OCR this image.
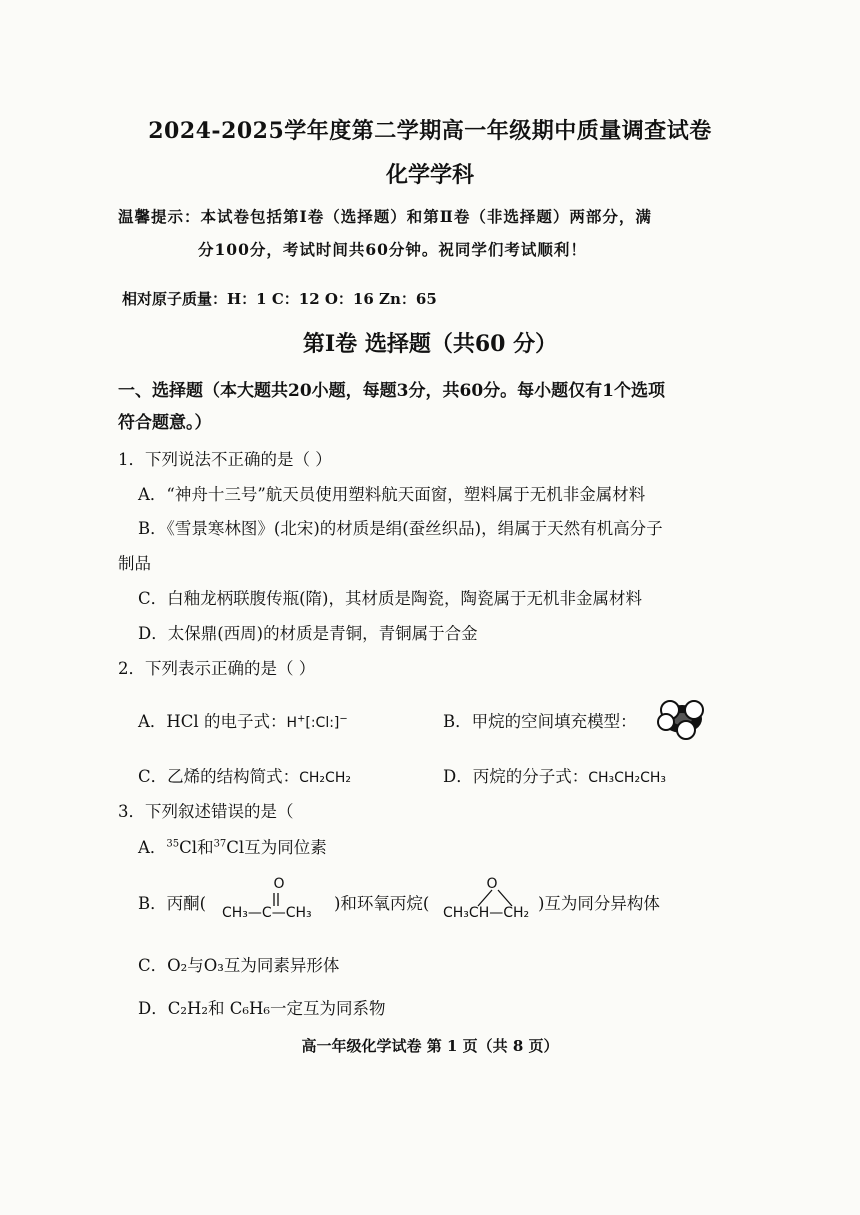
2024-2025学年度第二学期高一年级期中质量调查试卷
化学学科
温馨提示：本试卷包括第Ⅰ卷（选择题）和第Ⅱ卷（非选择题）两部分，满
分100分，考试时间共60分钟。祝同学们考试顺利！
相对原子质量：H：1 C：12 O：16 Zn：65
第Ⅰ卷 选择题（共60 分）
一、选择题（本大题共20小题，每题3分，共60分。每小题仅有1个选项
符合题意。）
1．下列说法不正确的是（ ）
A．“神舟十三号”航天员使用塑料航天面窗，塑料属于无机非金属材料
B．《雪景寒林图》(北宋)的材质是绢(蚕丝织品)，绢属于天然有机高分子
制品
C．白釉龙柄联腹传瓶(隋)，其材质是陶瓷，陶瓷属于无机非金属材料
D．太保鼎(西周)的材质是青铜，青铜属于合金
2．下列表示正确的是（ ）
A．HCl 的电子式：H+[:Cl:]−	B．甲烷的空间填充模型：
C．乙烯的结构简式：CH₂CH₂	D．丙烷的分子式：CH₃CH₂CH₃
3．下列叙述错误的是（
A．$^{35}$Cl和$^{37}$Cl互为同位素
B．丙酮(
O
CH₃—C—CH₃ )和环氧丙烷(
O
CH₃CH—CH₂ )互为同分异构体
C．O₂与O₃互为同素异形体
D．C₂H₂和 C₆H₆一定互为同系物
高一年级化学试卷 第 1 页（共 8 页）
